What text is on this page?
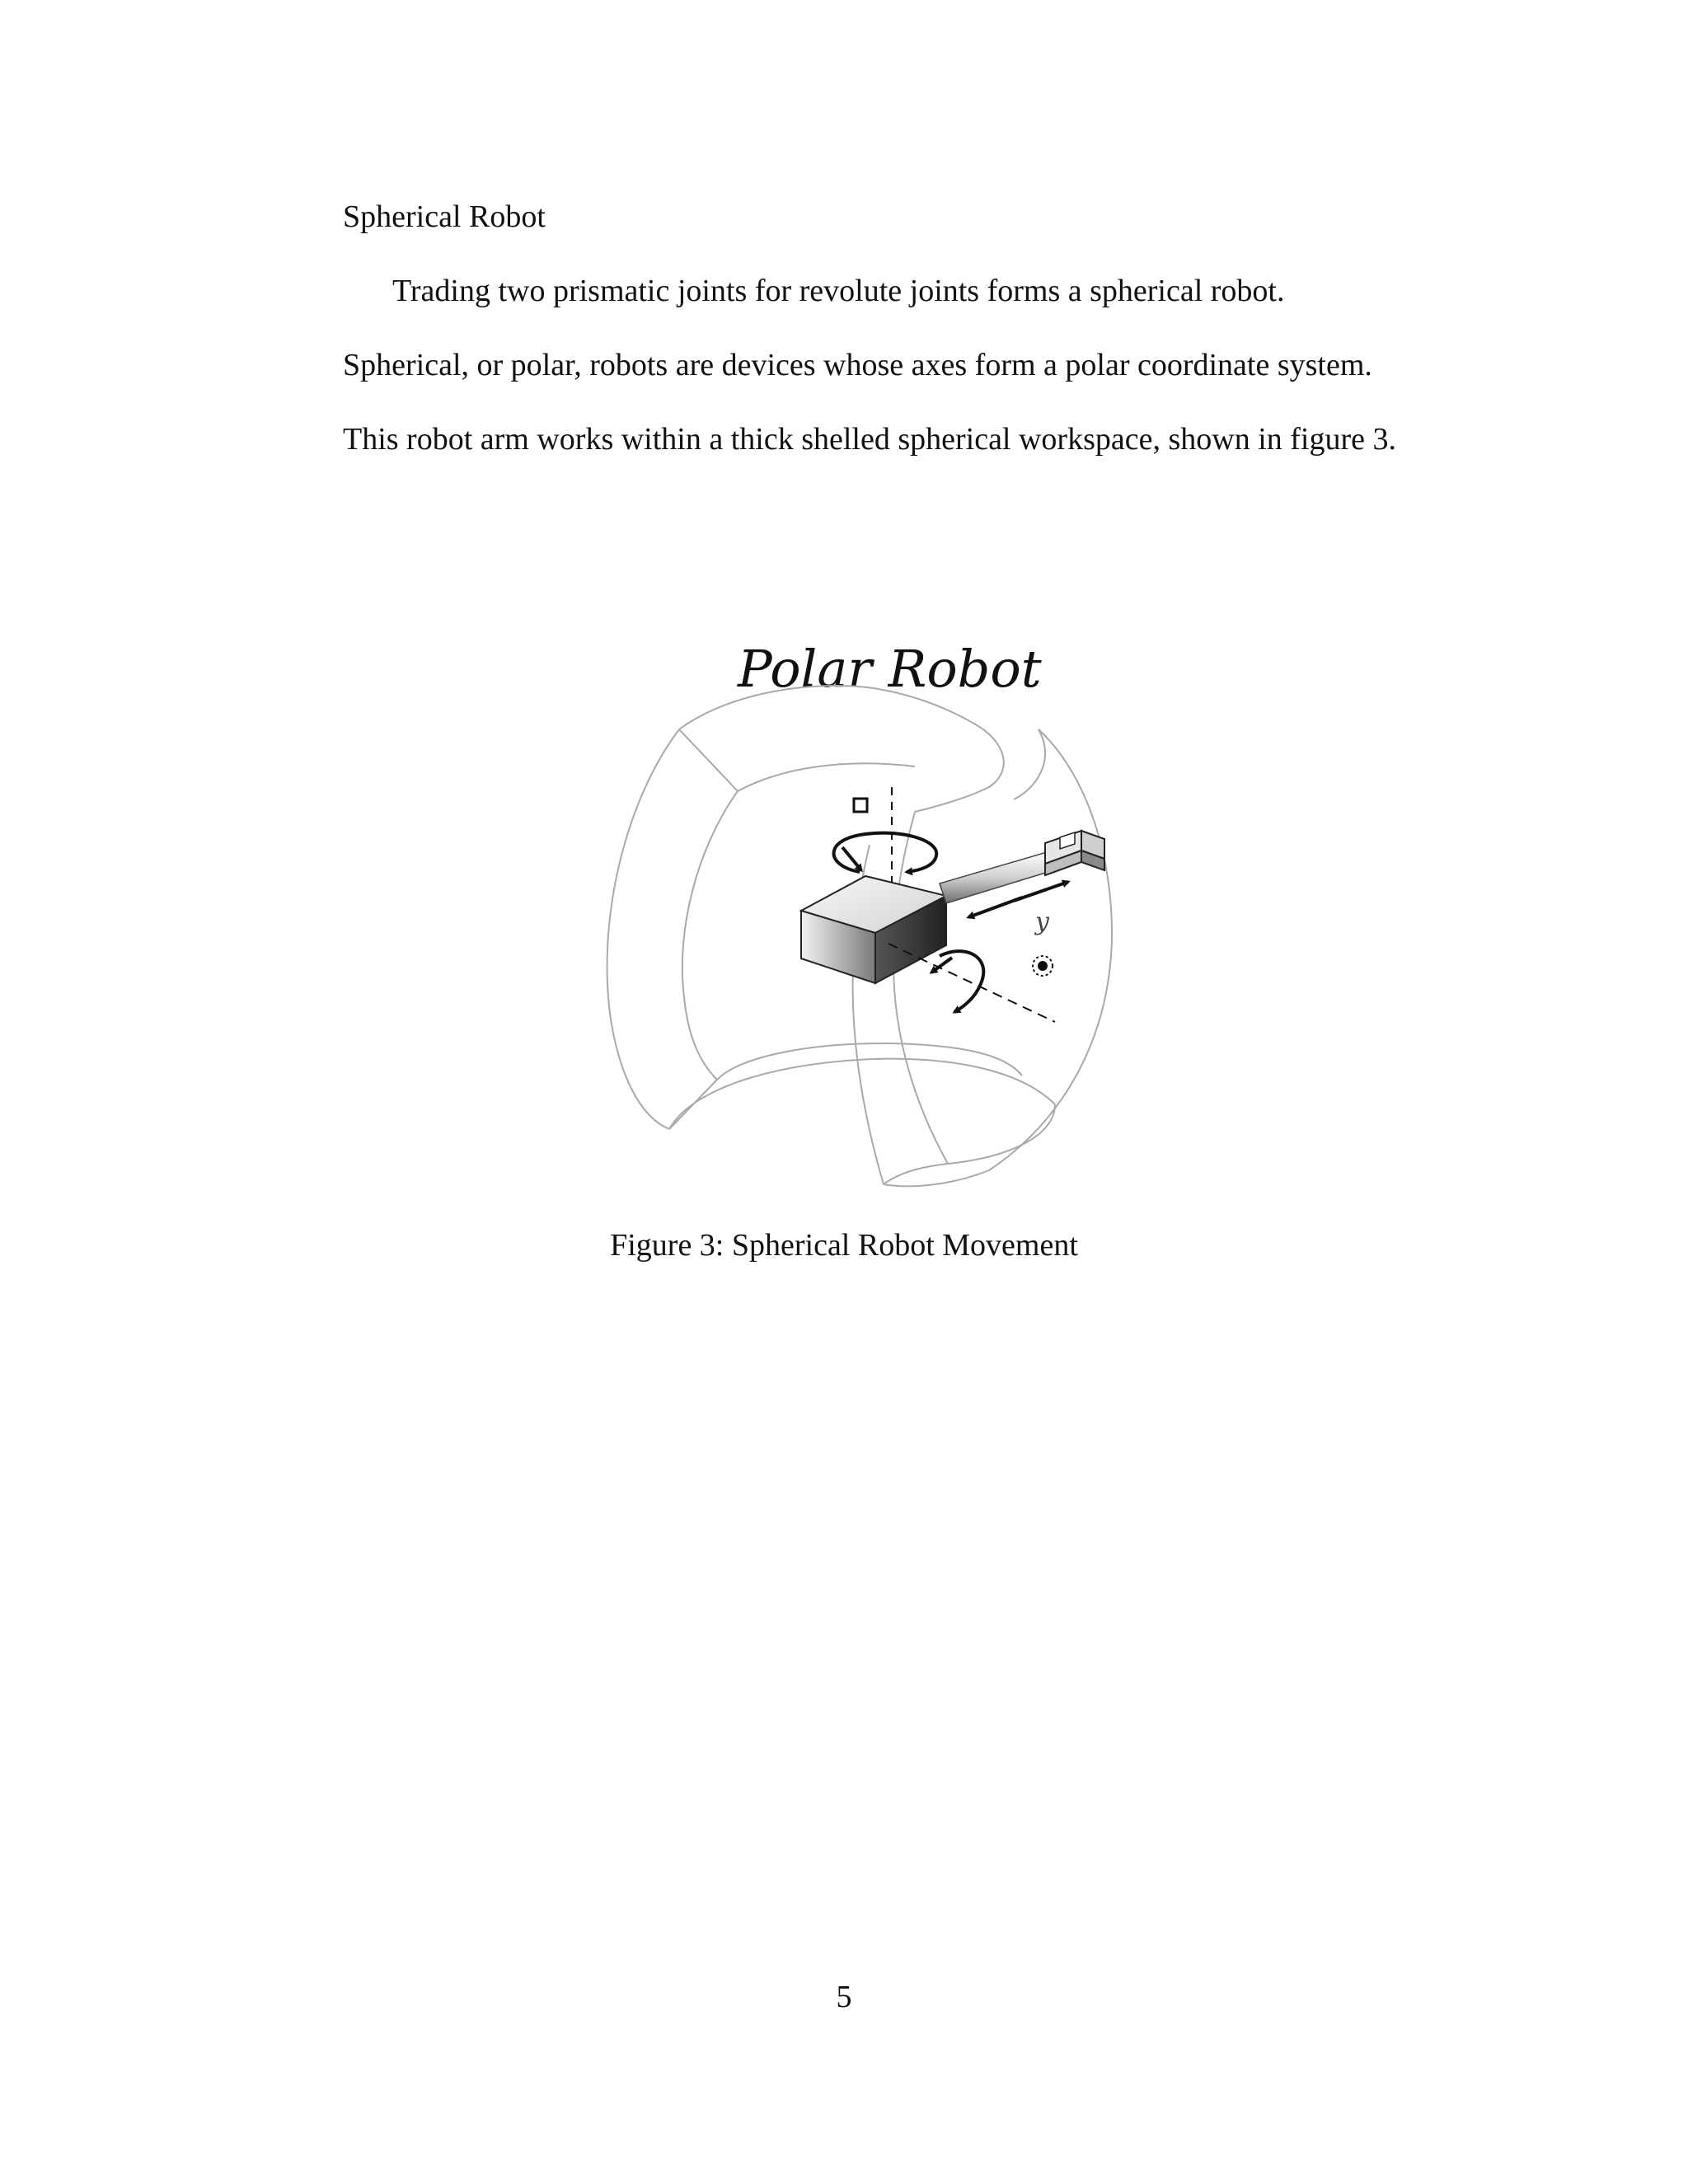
Spherical Robot
Trading two prismatic joints for revolute joints forms a spherical robot.
Spherical, or polar, robots are devices whose axes form a polar coordinate system.
This robot arm works within a thick shelled spherical workspace, shown in figure 3.
Polar Robot
y
Figure 3: Spherical Robot Movement
5
